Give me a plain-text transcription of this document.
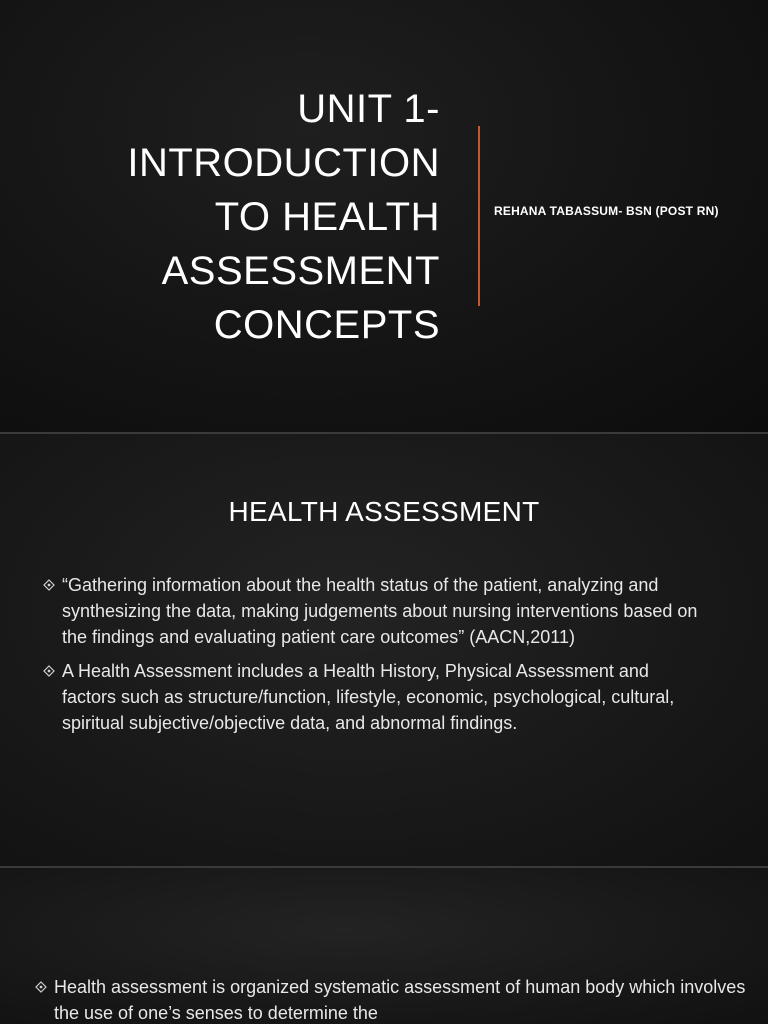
UNIT 1-
INTRODUCTION
TO HEALTH
ASSESSMENT
CONCEPTS
REHANA TABASSUM- BSN (POST RN)
HEALTH ASSESSMENT
“Gathering information about the health status of the patient, analyzing and synthesizing the data, making judgements about nursing interventions based on the findings and evaluating patient care outcomes” (AACN,2011)
A Health Assessment includes a Health History, Physical Assessment and factors such as structure/function, lifestyle, economic, psychological, cultural, spiritual subjective/objective data, and abnormal findings.
Health assessment is organized systematic assessment of human body which involves the use of one’s senses to determine the
